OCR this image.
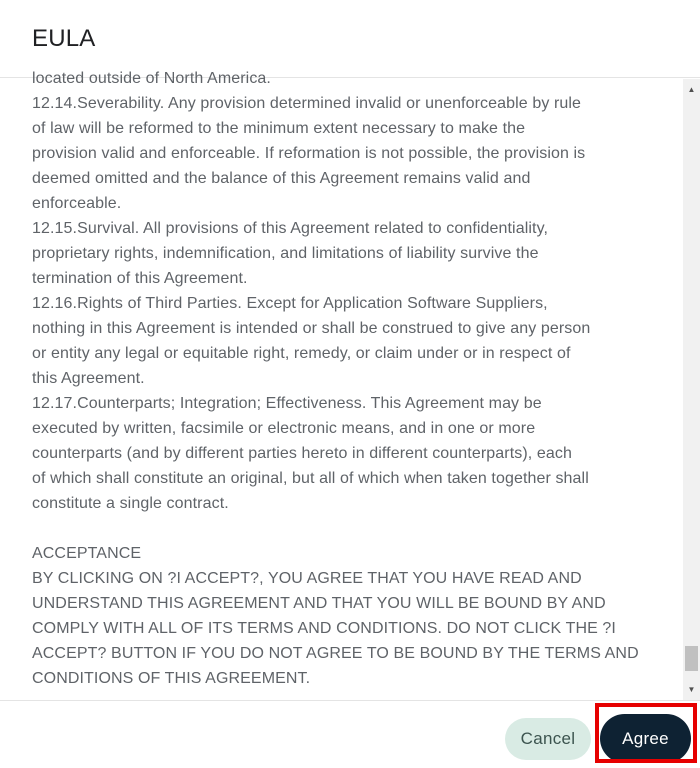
EULA
located outside of North America.
12.14.Severability. Any provision determined invalid or unenforceable by rule
of law will be reformed to the minimum extent necessary to make the
provision valid and enforceable. If reformation is not possible, the provision is
deemed omitted and the balance of this Agreement remains valid and
enforceable.
12.15.Survival. All provisions of this Agreement related to confidentiality,
proprietary rights, indemnification, and limitations of liability survive the
termination of this Agreement.
12.16.Rights of Third Parties. Except for Application Software Suppliers,
nothing in this Agreement is intended or shall be construed to give any person
or entity any legal or equitable right, remedy, or claim under or in respect of
this Agreement.
12.17.Counterparts; Integration; Effectiveness. This Agreement may be
executed by written, facsimile or electronic means, and in one or more
counterparts (and by different parties hereto in different counterparts), each
of which shall constitute an original, but all of which when taken together shall
constitute a single contract.
ACCEPTANCE
BY CLICKING ON ?I ACCEPT?, YOU AGREE THAT YOU HAVE READ AND
UNDERSTAND THIS AGREEMENT AND THAT YOU WILL BE BOUND BY AND
COMPLY WITH ALL OF ITS TERMS AND CONDITIONS. DO NOT CLICK THE ?I
ACCEPT? BUTTON IF YOU DO NOT AGREE TO BE BOUND BY THE TERMS AND
CONDITIONS OF THIS AGREEMENT.
▲
▼
Cancel	Agree
